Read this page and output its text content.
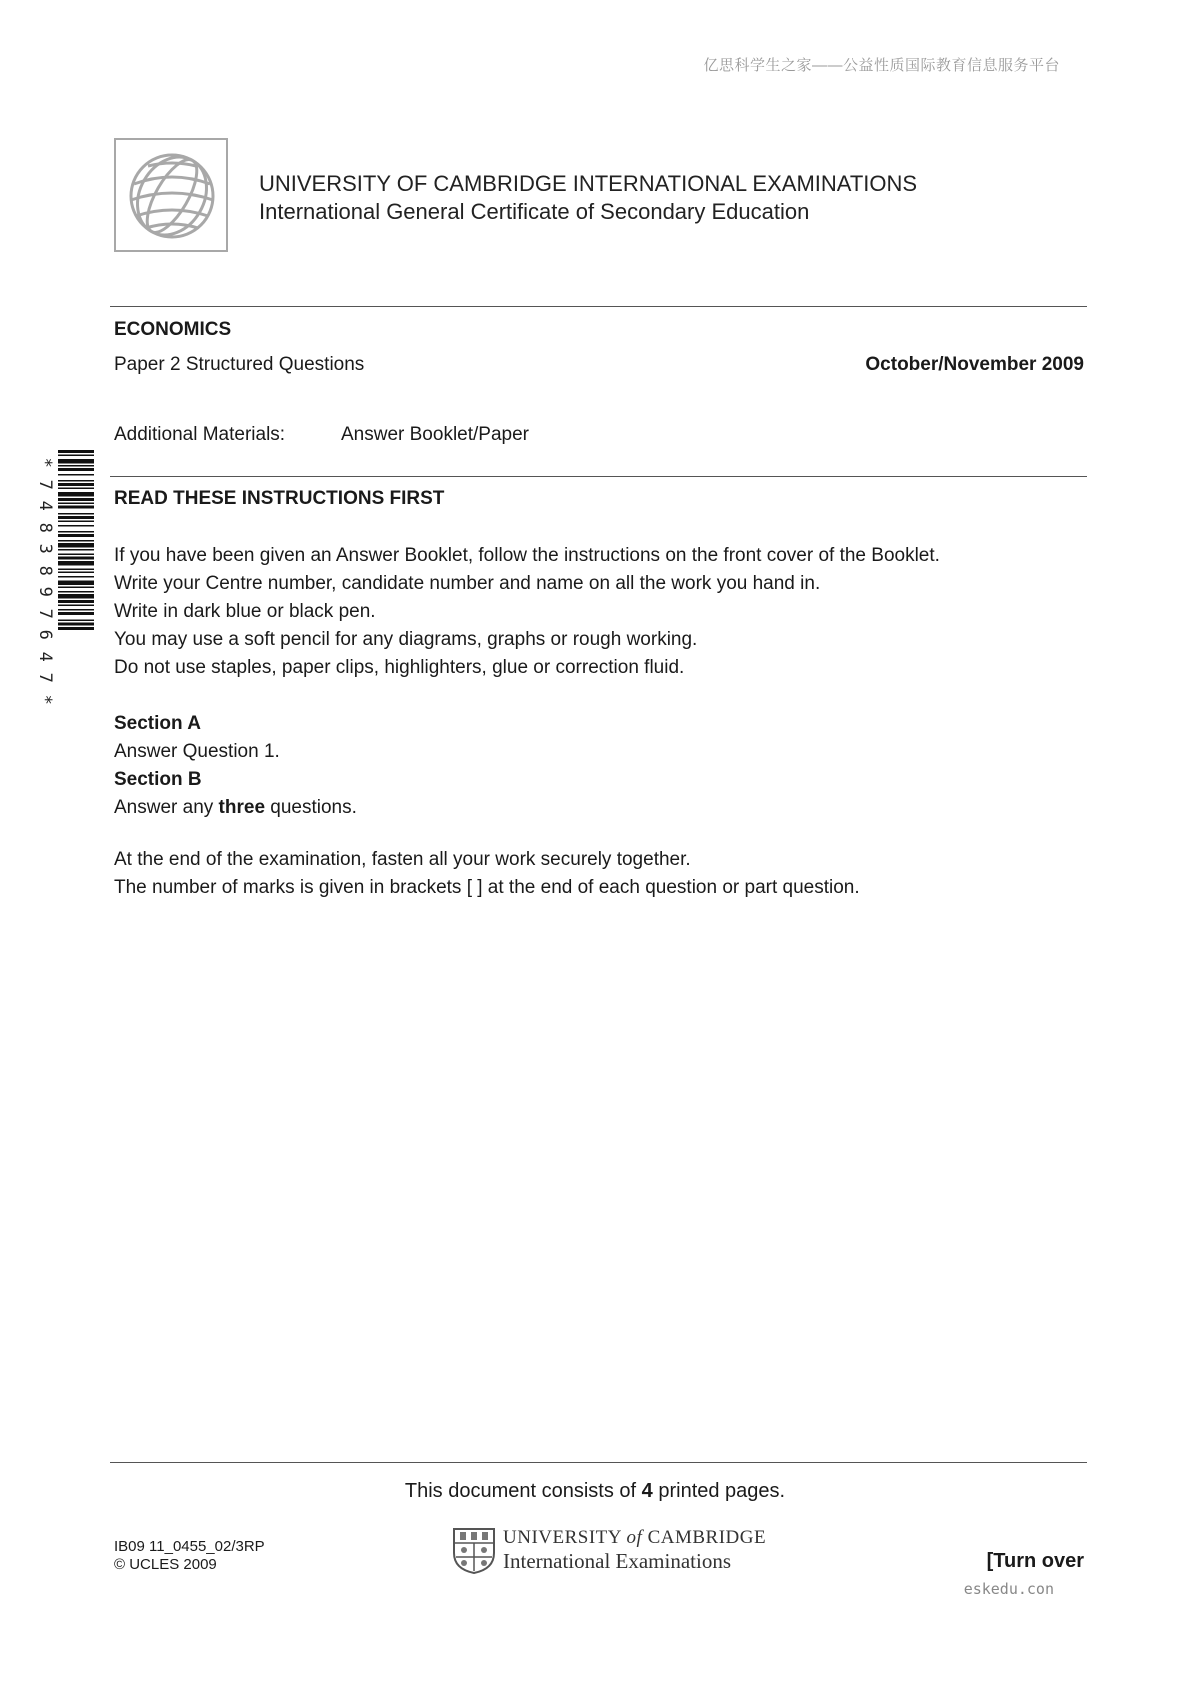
亿思科学生之家——公益性质国际教育信息服务平台
UNIVERSITY OF CAMBRIDGE INTERNATIONAL EXAMINATIONS
International General Certificate of Secondary Education
ECONOMICS
Paper 2 Structured Questions	October/November 2009
Additional Materials:	Answer Booklet/Paper
*
7
4
8
3
8
9
7
6
4
7
*
READ THESE INSTRUCTIONS FIRST
If you have been given an Answer Booklet, follow the instructions on the front cover of the Booklet.
Write your Centre number, candidate number and name on all the work you hand in.
Write in dark blue or black pen.
You may use a soft pencil for any diagrams, graphs or rough working.
Do not use staples, paper clips, highlighters, glue or correction fluid.
Section A
Answer Question 1.
Section B
Answer any three questions.
At the end of the examination, fasten all your work securely together.
The number of marks is given in brackets [ ] at the end of each question or part question.
This document consists of 4 printed pages.
IB09 11_0455_02/3RP
© UCLES 2009
UNIVERSITY of CAMBRIDGE
International Examinations	[Turn over
eskedu.con
